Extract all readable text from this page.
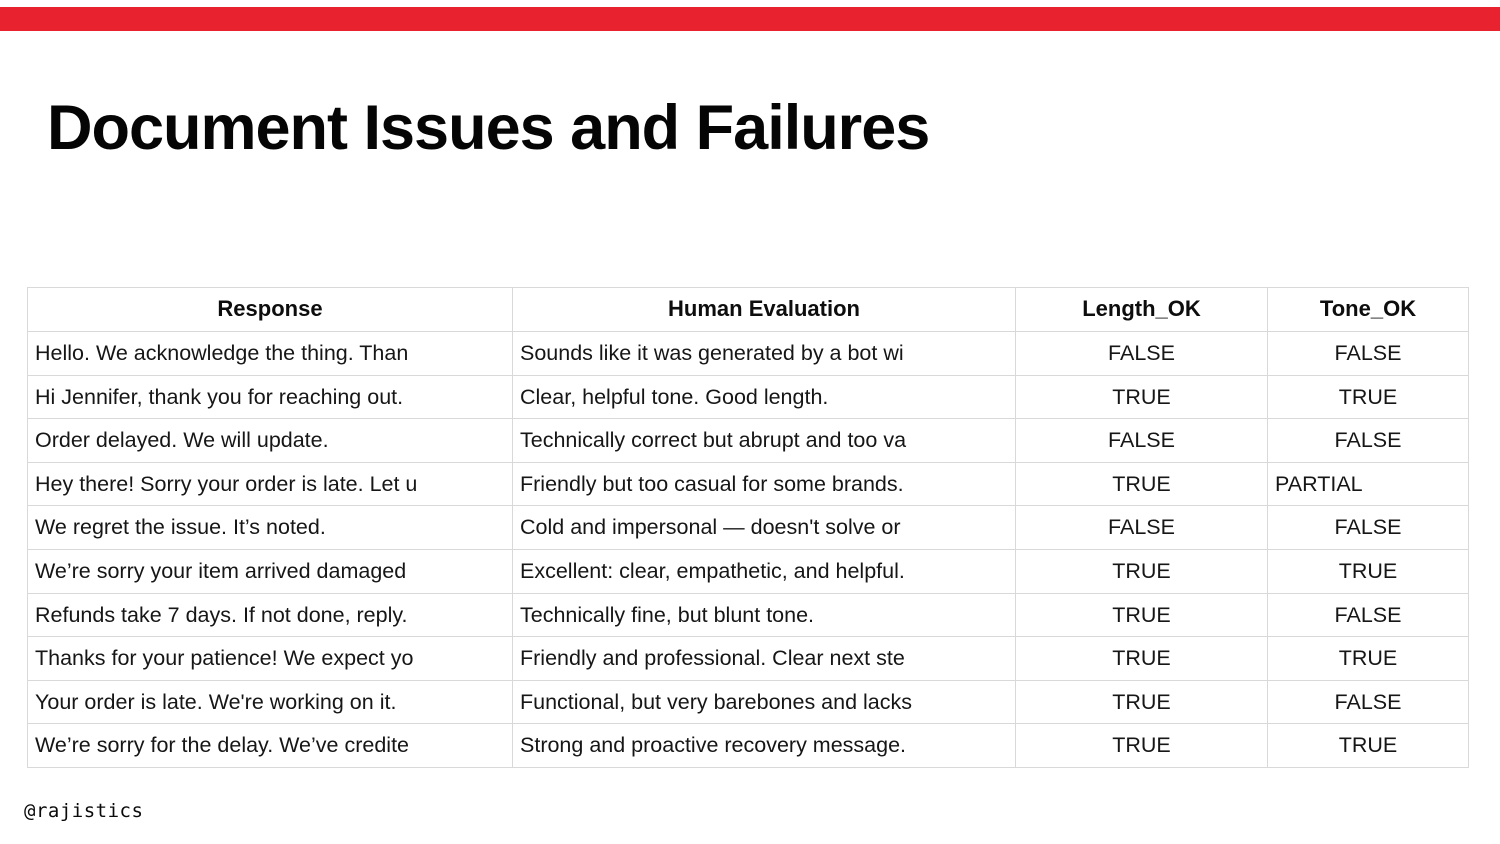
Document Issues and Failures
Response	Human Evaluation	Length_OK	Tone_OK
Hello. We acknowledge the thing. Than	Sounds like it was generated by a bot wi	FALSE	FALSE
Hi Jennifer, thank you for reaching out.	Clear, helpful tone. Good length.	TRUE	TRUE
Order delayed. We will update.	Technically correct but abrupt and too va	FALSE	FALSE
Hey there! Sorry your order is late. Let u	Friendly but too casual for some brands.	TRUE	PARTIAL
We regret the issue. It’s noted.	Cold and impersonal — doesn't solve or	FALSE	FALSE
We’re sorry your item arrived damaged	Excellent: clear, empathetic, and helpful.	TRUE	TRUE
Refunds take 7 days. If not done, reply.	Technically fine, but blunt tone.	TRUE	FALSE
Thanks for your patience! We expect yo	Friendly and professional. Clear next ste	TRUE	TRUE
Your order is late. We're working on it.	Functional, but very barebones and lacks	TRUE	FALSE
We’re sorry for the delay. We’ve credite	Strong and proactive recovery message.	TRUE	TRUE
@rajistics
